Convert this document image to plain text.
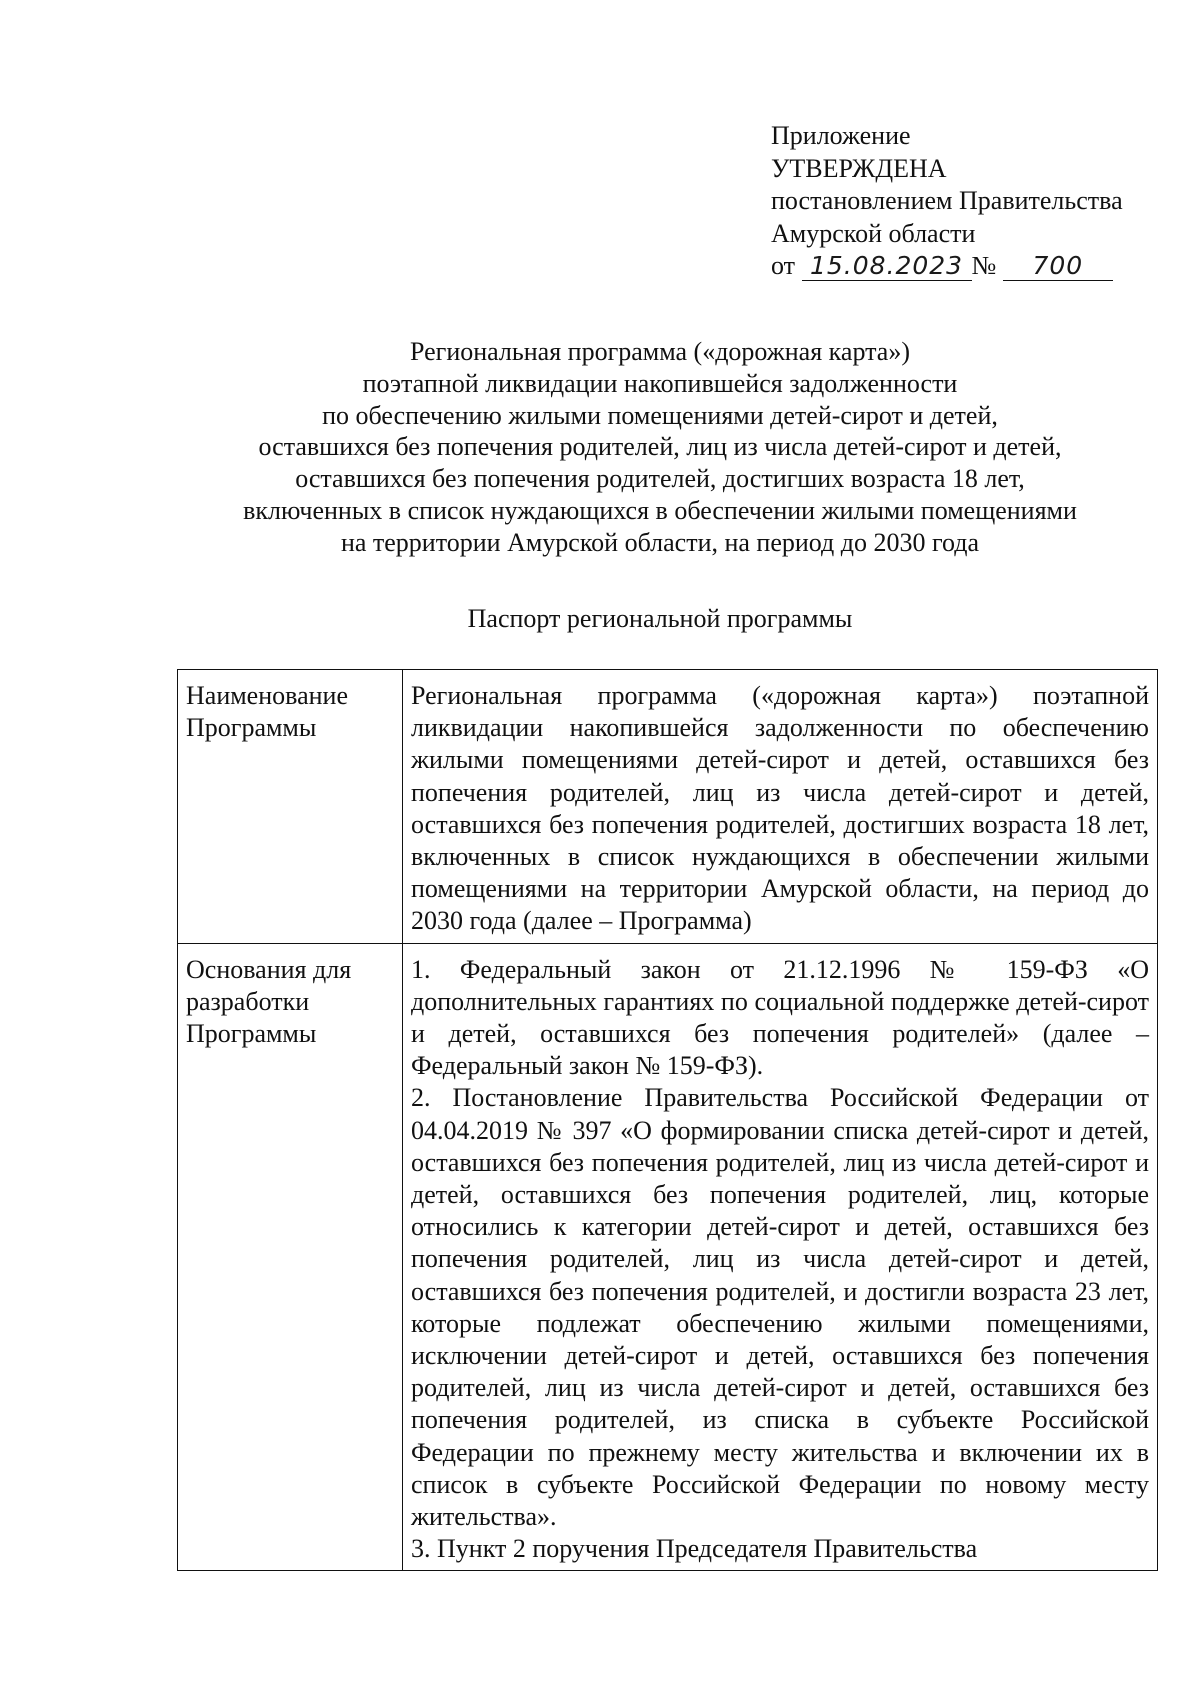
Приложение
УТВЕРЖДЕНА
постановлением Правительства
Амурской области
от 15.08.2023 № 700
Региональная программа («дорожная карта»)
поэтапной ликвидации накопившейся задолженности
по обеспечению жилыми помещениями детей-сирот и детей,
оставшихся без попечения родителей, лиц из числа детей-сирот и детей,
оставшихся без попечения родителей, достигших возраста 18 лет,
включенных в список нуждающихся в обеспечении жилыми помещениями
на территории Амурской области, на период до 2030 года
Паспорт региональной программы
Наименование Программы	Региональная программа («дорожная карта») поэтапной ликвидации накопившейся задолженности по обеспечению жилыми помещениями детей-сирот и детей, оставшихся без попечения родителей, лиц из числа детей-сирот и детей, оставшихся без попечения родителей, достигших возраста 18 лет, включенных в список нуждающихся в обеспечении жилыми помещениями на территории Амурской области, на период до 2030 года (далее – Программа)

Основания для разработки Программы	1. Федеральный закон от 21.12.1996 № 159-ФЗ «О дополнительных гарантиях по социальной поддержке детей-сирот и детей, оставшихся без попечения родителей» (далее – Федеральный закон № 159-ФЗ).
2. Постановление Правительства Российской Федерации от 04.04.2019 № 397 «О формировании списка детей-сирот и детей, оставшихся без попечения родителей, лиц из числа детей-сирот и детей, оставшихся без попечения родителей, лиц, которые относились к категории детей-сирот и детей, оставшихся без попечения родителей, лиц из числа детей-сирот и детей, оставшихся без попечения родителей, и достигли возраста 23 лет, которые подлежат обеспечению жилыми помещениями, исключении детей-сирот и детей, оставшихся без попечения родителей, лиц из числа детей-сирот и детей, оставшихся без попечения родителей, из списка в субъекте Российской Федерации по прежнему месту жительства и включении их в список в субъекте Российской Федерации по новому месту жительства».
3. Пункт 2 поручения Председателя Правительства
